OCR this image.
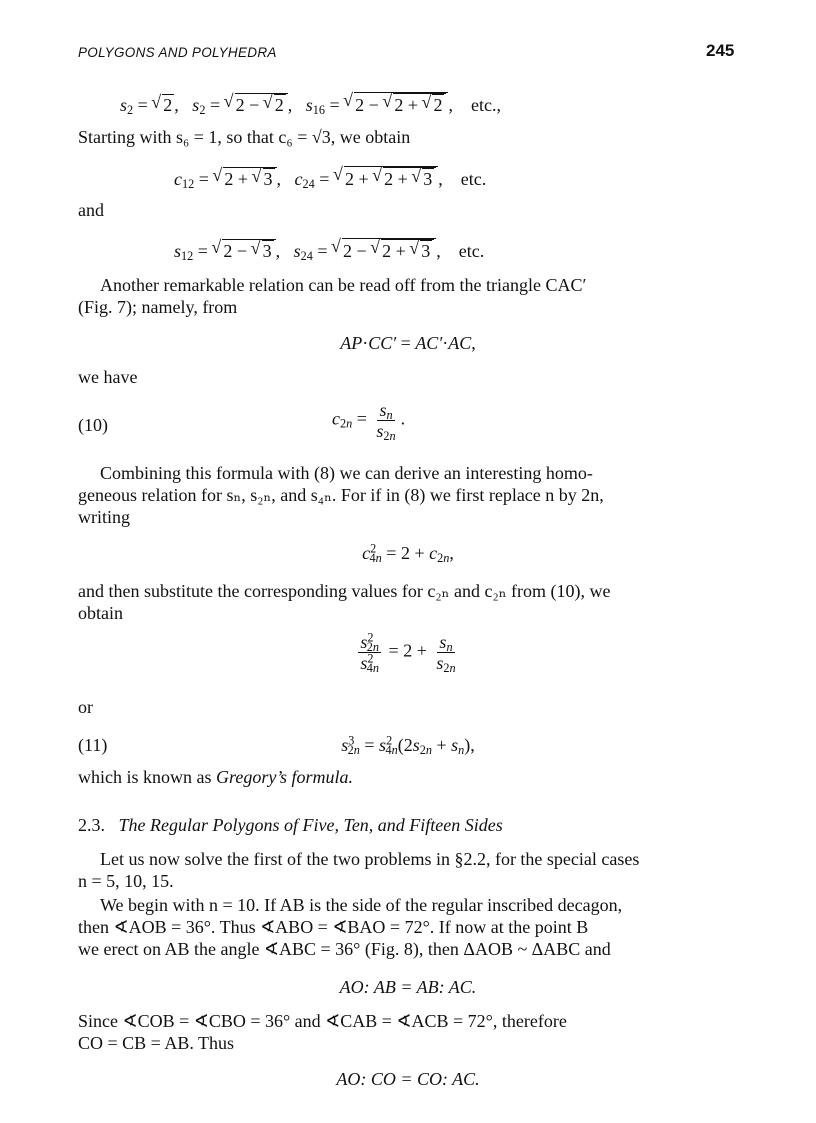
POLYGONS AND POLYHEDRA	245
$s_2$ = √ 2 ,   $s_2$ = √ 2 − √ 2 ,   $s_{16}$ = √ 2 − √ 2 + √ 2 ,    etc.,
Starting with s₆ = 1, so that c₆ = √3, we obtain
$c_{12}$ = √ 2 + √ 3 ,   $c_{24}$ = √ 2 + √ 2 + √ 3 ,    etc.
and
$s_{12}$ = √ 2 − √ 3 ,   $s_{24}$ = √ 2 − √ 2 + √ 3 ,    etc.
Another remarkable relation can be read off from the triangle CAC′
(Fig. 7); namely, from
AP·CC′ = AC′·AC,
we have
(10)	$c_{2n} = \frac{s_n}{s_{2n}}$ .
Combining this formula with (8) we can derive an interesting homo-
geneous relation for sₙ, s₂ₙ, and s₄ₙ. For if in (8) we first replace n by 2n,
writing
$c^2_{4n} = 2 + c_{2n}$,
and then substitute the corresponding values for c₂ₙ and c₂ₙ from (10), we
obtain
$\frac{s^2_{2n}}{s^2_{4n}} = 2 + \frac{s_n}{s_{2n}}$
or
(11)	$s^3_{2n} = s^2_{4n}(2s_{2n} + s_n)$,
which is known as Gregory’s formula.
2.3. The Regular Polygons of Five, Ten, and Fifteen Sides
Let us now solve the first of the two problems in §2.2, for the special cases
n = 5, 10, 15.
We begin with n = 10. If AB is the side of the regular inscribed decagon,
then ∢AOB = 36°. Thus ∢ABO = ∢BAO = 72°. If now at the point B
we erect on AB the angle ∢ABC = 36° (Fig. 8), then ΔAOB ~ ΔABC and
AO: AB = AB: AC.
Since ∢COB = ∢CBO = 36° and ∢CAB = ∢ACB = 72°, therefore
CO = CB = AB. Thus
AO: CO = CO: AC.
